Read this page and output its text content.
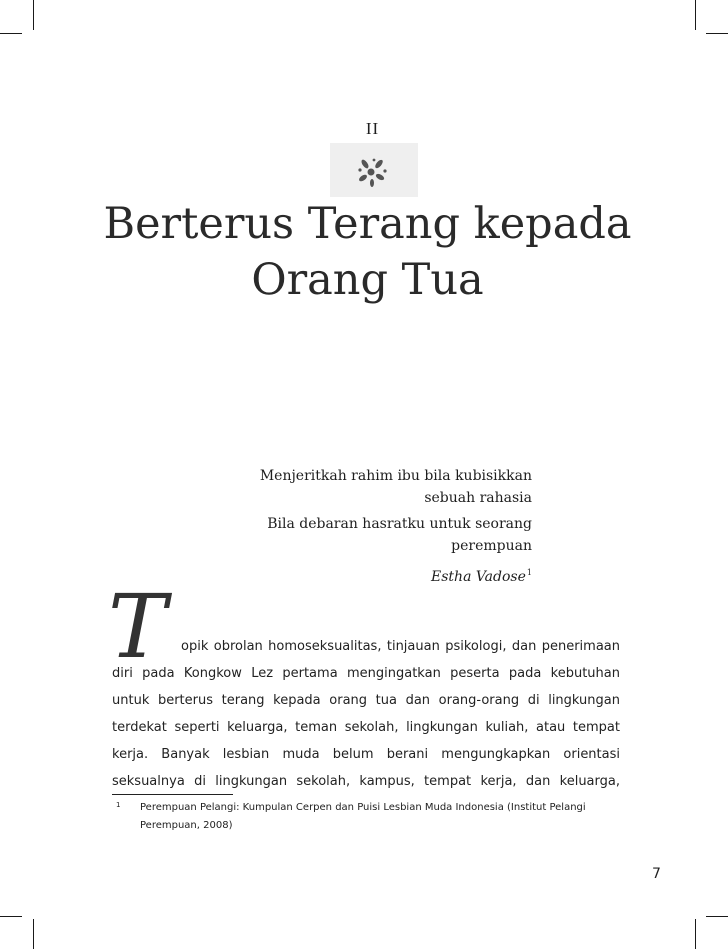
II
Berterus Terang kepada
Orang Tua
Menjeritkah rahim ibu bila kubisikkan
sebuah rahasia
Bila debaran hasratku untuk seorang
perempuan
Estha Vadose$^1$
T opik obrolan homoseksualitas, tinjauan psikologi, dan penerimaan
diri pada Kongkow Lez pertama mengingatkan peserta pada kebutuhan
untuk berterus terang kepada orang tua dan orang-orang di lingkungan
terdekat seperti keluarga, teman sekolah, lingkungan kuliah, atau tempat
kerja. Banyak lesbian muda belum berani mengungkapkan orientasi
seksualnya di lingkungan sekolah, kampus, tempat kerja, dan keluarga,
1 Perempuan Pelangi: Kumpulan Cerpen dan Puisi Lesbian Muda Indonesia (Institut Pelangi Perempuan, 2008)
7
